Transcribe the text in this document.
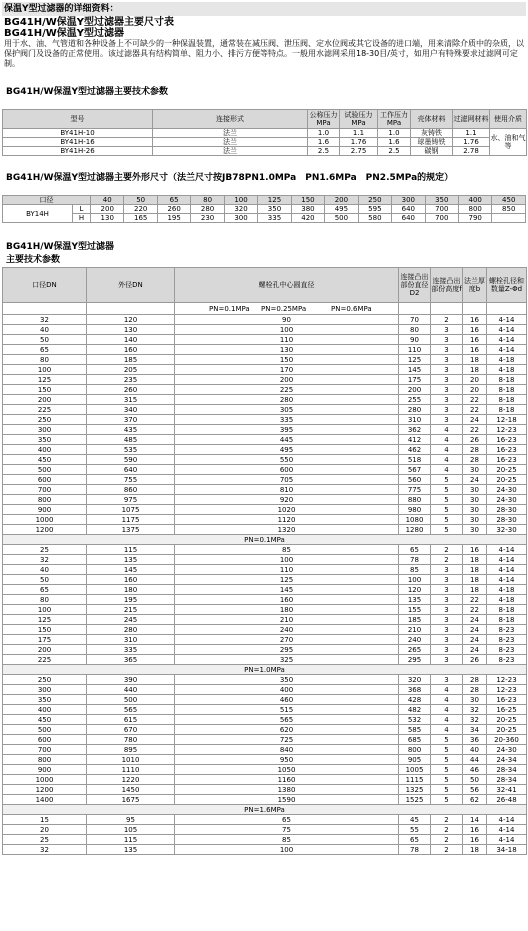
保温Y型过滤器的详细资料：
BG41H/W保温Y型过滤器主要尺寸表
BG41H/W保温Y型过滤器
用于水、油、气管道和各种设备上不可缺少的一种保温装置，通常装在减压阀、泄压阀、定水位阀或其它设备的进口端，用来清除介质中的杂质，以保护阀门及设备的正常使用。该过滤器具有结构简单、阻力小、排污方便等特点。一般用水滤网采用18-30目/英寸，如用户有特殊要求过滤网可定制。
BG41H/W保温Y型过滤器主要技术参数
型号	连接形式	公称压力MPa	试验压力MPa	工作压力MPa	壳体材料	过滤网材料	使用介质
BY41H-10	法兰	1.0	1.1	1.0	灰铸铁	1.1	水、油和气等
BY41H-16	法兰	1.6	1.76	1.6	球墨铸铁	1.76	
BY41H-26	法兰	2.5	2.75	2.5	碳钢	2.78	
BG41H/W保温Y型过滤器主要外形尺寸（法兰尺寸按JB78PN1.0MPa　PN1.6MPa　PN2.5MPa的规定）
口径		40	50	65	80	100	125	150	200	250	300	350	400	450
BY14H	L	200	220	260	280	320	350	380	495	595	640	700	800	850
	H	130	165	195	230	300	335	420	500	580	640	700	790	
BG41H/W保温Y型过滤器
主要技术参数
口径DN	外径DN	螺栓孔中心圆直径	连接凸出部份直径D2	连接凸出部份高度f	法兰厚度b	螺栓孔径和数量Z-Φd
		PN=0.1MPa PN=0.25MPa PN=0.6MPa				
32	120	90	70	2	16	4-14
40	130	100	80	3	16	4-14
50	140	110	90	3	16	4-14
65	160	130	110	3	16	4-14
80	185	150	125	3	18	4-18
100	205	170	145	3	18	4-18
125	235	200	175	3	20	8-18
150	260	225	200	3	20	8-18
200	315	280	255	3	22	8-18
225	340	305	280	3	22	8-18
250	370	335	310	3	24	12-18
300	435	395	362	4	22	12-23
350	485	445	412	4	26	16-23
400	535	495	462	4	28	16-23
450	590	550	518	4	28	16-23
500	640	600	567	4	30	20-25
600	755	705	560	5	24	20-25
700	860	810	775	5	30	24-30
800	975	920	880	5	30	24-30
900	1075	1020	980	5	30	28-30
1000	1175	1120	1080	5	30	28-30
1200	1375	1320	1280	5	30	32-30
PN=0.1MPa						
25	115	85	65	2	16	4-14
32	135	100	78	2	18	4-14
40	145	110	85	3	18	4-14
50	160	125	100	3	18	4-14
65	180	145	120	3	18	4-18
80	195	160	135	3	22	4-18
100	215	180	155	3	22	8-18
125	245	210	185	3	24	8-18
150	280	240	210	3	24	8-23
175	310	270	240	3	24	8-23
200	335	295	265	3	24	8-23
225	365	325	295	3	26	8-23
PN=1.0MPa						
250	390	350	320	3	28	12-23
300	440	400	368	4	28	12-23
350	500	460	428	4	30	16-23
400	565	515	482	4	32	16-25
450	615	565	532	4	32	20-25
500	670	620	585	4	34	20-25
600	780	725	685	5	36	20-360
700	895	840	800	5	40	24-30
800	1010	950	905	5	44	24-34
900	1110	1050	1005	5	46	28-34
1000	1220	1160	1115	5	50	28-34
1200	1450	1380	1325	5	56	32-41
1400	1675	1590	1525	5	62	26-48
PN=1.6MPa						
15	95	65	45	2	14	4-14
20	105	75	55	2	16	4-14
25	115	85	65	2	16	4-14
32	135	100	78	2	18	34-18
